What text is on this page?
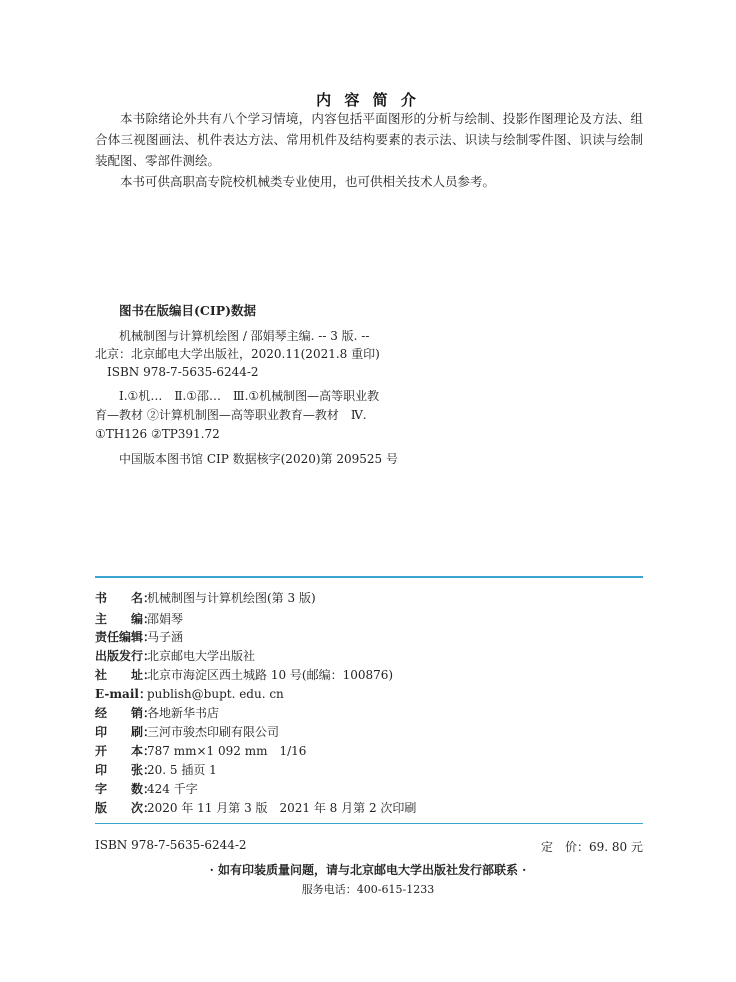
内 容 简 介
本书除绪论外共有八个学习情境，内容包括平面图形的分析与绘制、投影作图理论及方法、组合体三视图画法、机件表达方法、常用机件及结构要素的表示法、识读与绘制零件图、识读与绘制装配图、零部件测绘。
本书可供高职高专院校机械类专业使用，也可供相关技术人员参考。
图书在版编目(CIP)数据
机械制图与计算机绘图 / 邵娟琴主编. -- 3 版. --
北京：北京邮电大学出版社，2020.11(2021.8 重印)
ISBN 978-7-5635-6244-2
Ⅰ.①机…　Ⅱ.①邵…　Ⅲ.①机械制图—高等职业教
育—教材 ②计算机制图—高等职业教育—教材　Ⅳ.
①TH126 ②TP391.72
中国版本图书馆 CIP 数据核字(2020)第 209525 号
书　　名：机械制图与计算机绘图(第 3 版)
主　　编：邵娟琴
责任编辑：马子涵
出版发行：北京邮电大学出版社
社　　址：北京市海淀区西土城路 10 号(邮编：100876)
E-mail：publish@bupt. edu. cn
经　　销：各地新华书店
印　　刷：三河市骏杰印刷有限公司
开　　本：787 mm×1 092 mm　1/16
印　　张：20. 5 插页 1
字　　数：424 千字
版　　次：2020 年 11 月第 3 版　2021 年 8 月第 2 次印刷
ISBN 978-7-5635-6244-2	定　价：69. 80 元
· 如有印装质量问题，请与北京邮电大学出版社发行部联系 ·
服务电话：400-615-1233
